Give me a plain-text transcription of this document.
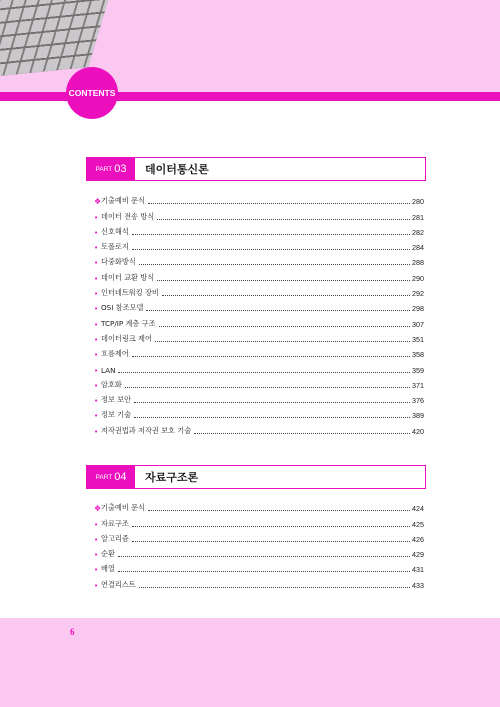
CONTENTS
PART 03 데이터통신론
❖ 기출예비 문식	280
• 데이터 전송 방식	281
• 신호해석	282
• 토폴로지	284
• 다중화방식	288
• 데이터 교환 방식	290
• 인터네트워킹 장비	292
• OSI 참조모델	298
• TCP/IP 계층 구조	307
• 데이터링크 제어	351
• 흐름제어	358
• LAN	359
• 암호화	371
• 정보 보안	376
• 정보 기술	389
• 저작권법과 저작권 보호 기술	420
PART 04 자료구조론
❖ 기출예비 문식	424
• 자료구조	425
• 알고리즘	426
• 순환	429
• 배열	431
• 연결리스트	433
6
